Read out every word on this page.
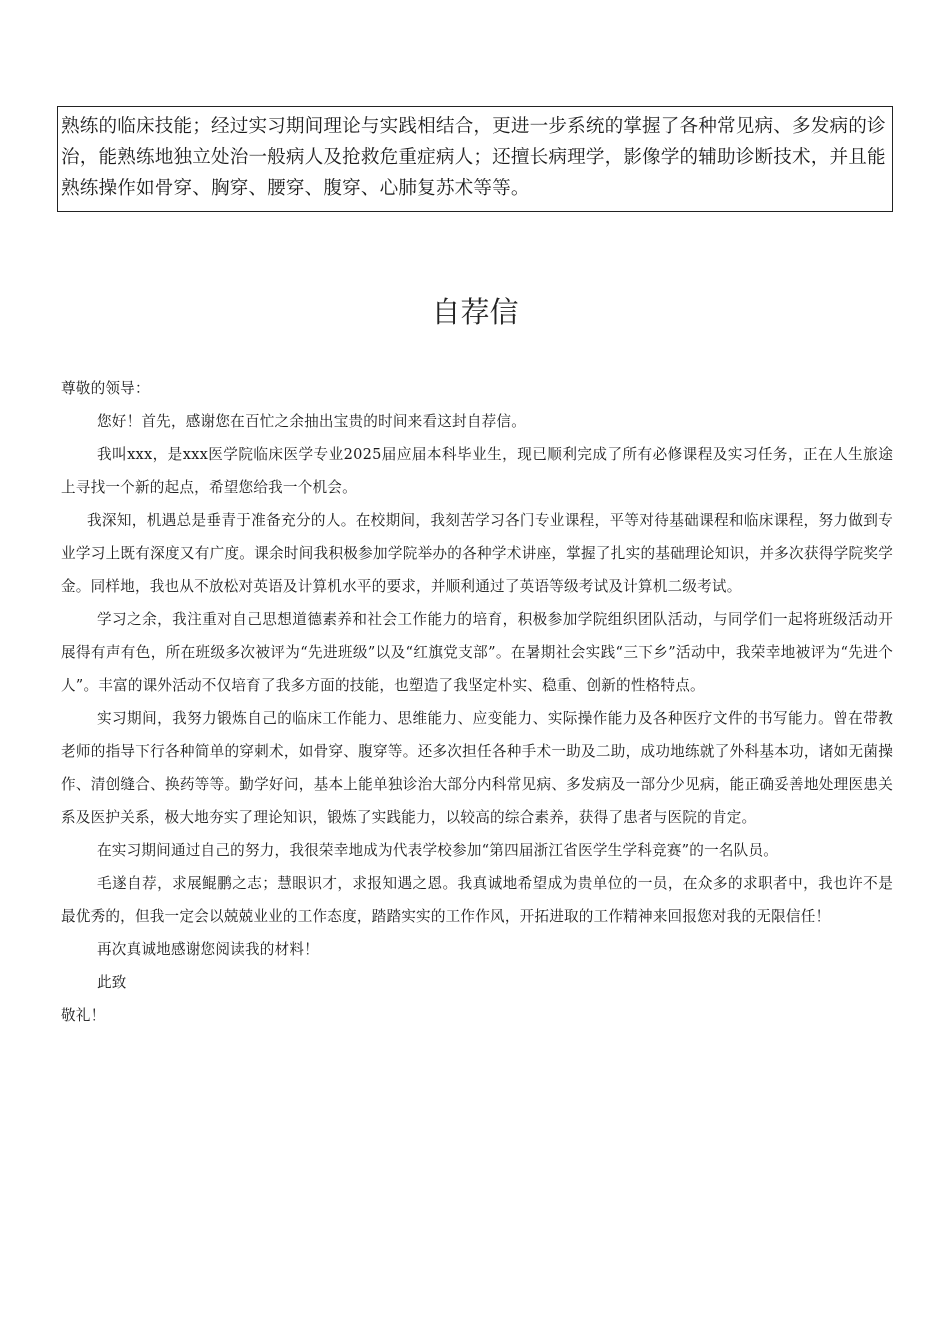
熟练的临床技能；经过实习期间理论与实践相结合，更进一步系统的掌握了各种常见病、多发病的诊治，能熟练地独立处治一般病人及抢救危重症病人；还擅长病理学，影像学的辅助诊断技术，并且能熟练操作如骨穿、胸穿、腰穿、腹穿、心肺复苏术等等。
自荐信

尊敬的领导：

您好！首先，感谢您在百忙之余抽出宝贵的时间来看这封自荐信。

我叫xxx，是xxx医学院临床医学专业2025届应届本科毕业生，现已顺利完成了所有必修课程及实习任务，正在人生旅途上寻找一个新的起点，希望您给我一个机会。

我深知，机遇总是垂青于准备充分的人。在校期间，我刻苦学习各门专业课程，平等对待基础课程和临床课程，努力做到专业学习上既有深度又有广度。课余时间我积极参加学院举办的各种学术讲座，掌握了扎实的基础理论知识，并多次获得学院奖学金。同样地，我也从不放松对英语及计算机水平的要求，并顺利通过了英语等级考试及计算机二级考试。

学习之余，我注重对自己思想道德素养和社会工作能力的培育，积极参加学院组织团队活动，与同学们一起将班级活动开展得有声有色，所在班级多次被评为“先进班级”以及“红旗党支部”。在暑期社会实践“三下乡”活动中，我荣幸地被评为“先进个人”。丰富的课外活动不仅培育了我多方面的技能，也塑造了我坚定朴实、稳重、创新的性格特点。

实习期间，我努力锻炼自己的临床工作能力、思维能力、应变能力、实际操作能力及各种医疗文件的书写能力。曾在带教老师的指导下行各种简单的穿刺术，如骨穿、腹穿等。还多次担任各种手术一助及二助，成功地练就了外科基本功，诸如无菌操作、清创缝合、换药等等。勤学好问，基本上能单独诊治大部分内科常见病、多发病及一部分少见病，能正确妥善地处理医患关系及医护关系，极大地夯实了理论知识，锻炼了实践能力，以较高的综合素养，获得了患者与医院的肯定。

在实习期间通过自己的努力，我很荣幸地成为代表学校参加“第四届浙江省医学生学科竞赛”的一名队员。

毛遂自荐，求展鲲鹏之志；慧眼识才，求报知遇之恩。我真诚地希望成为贵单位的一员，在众多的求职者中，我也许不是最优秀的，但我一定会以兢兢业业的工作态度，踏踏实实的工作作风，开拓进取的工作精神来回报您对我的无限信任！

再次真诚地感谢您阅读我的材料！

此致

敬礼！
